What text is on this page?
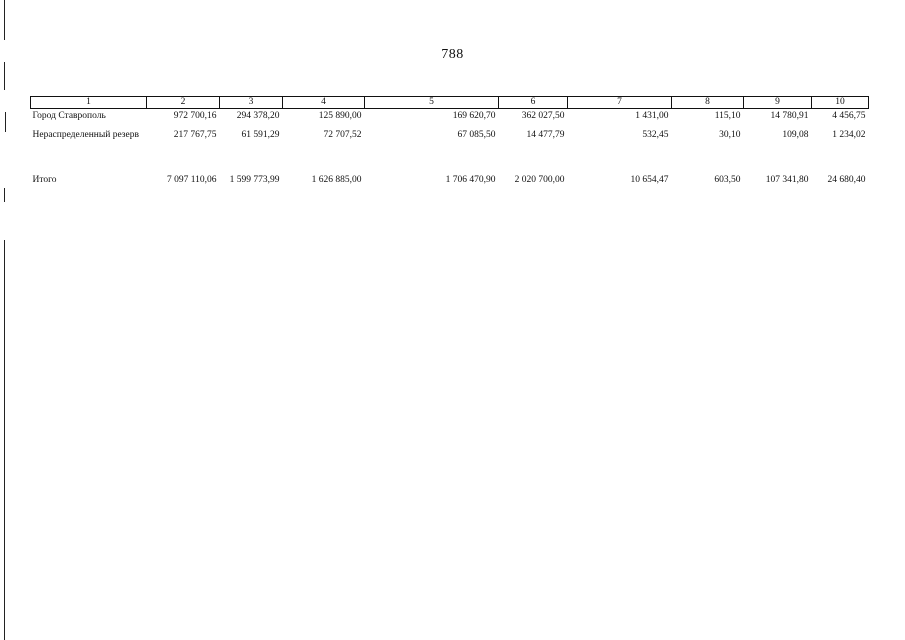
788
1	2	3	4	5	6	7	8	9	10
Город Ставрополь	972 700,16	294 378,20	125 890,00	169 620,70	362 027,50	1 431,00	115,10	14 780,91	4 456,75
Нераспределенный резерв	217 767,75	61 591,29	72 707,52	67 085,50	14 477,79	532,45	30,10	109,08	1 234,02
Итого	7 097 110,06	1 599 773,99	1 626 885,00	1 706 470,90	2 020 700,00	10 654,47	603,50	107 341,80	24 680,40
